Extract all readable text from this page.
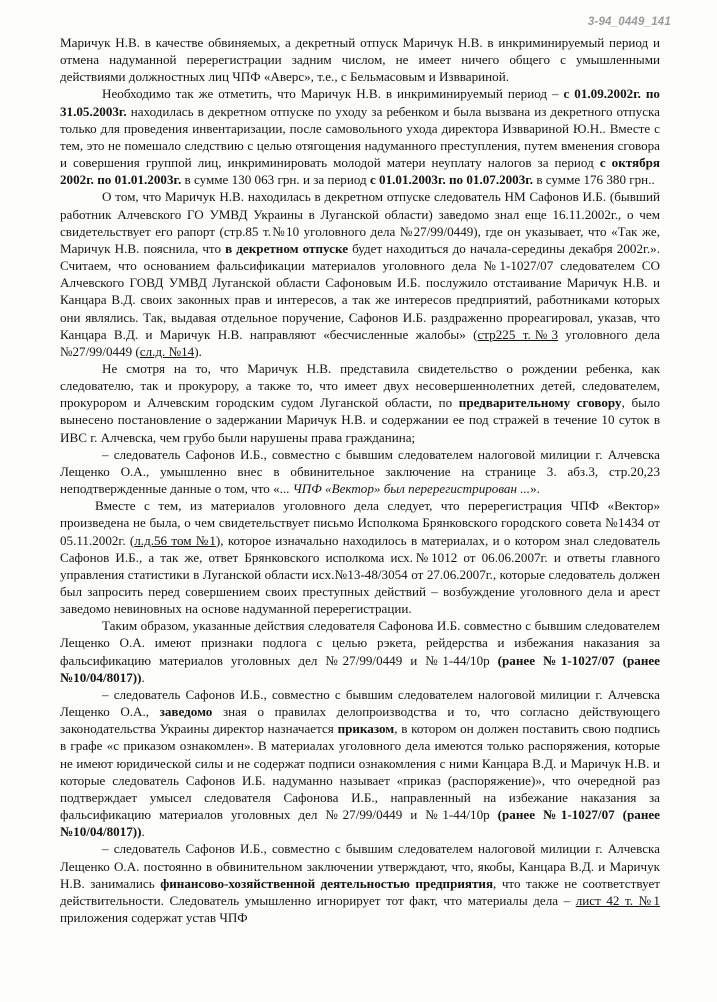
3-94_0449_141

Маричук Н.В. в качестве обвиняемых, а декретный отпуск Маричук Н.В. в инкриминируемый период и отмена надуманной перерегистрации задним числом, не имеет ничего общего с умышленными действиями должностных лиц ЧПФ «Аверс», т.е., с Бельмасовым и Изввариной.

Необходимо так же отметить, что Маричук Н.В. в инкриминируемый период – с 01.09.2002г. по 31.05.2003г. находилась в декретном отпуске по уходу за ребенком и была вызвана из декретного отпуска только для проведения инвентаризации, после самовольного ухода директора Изввариной Ю.Н.. Вместе с тем, это не помешало следствию с целью отягощения надуманного преступления, путем вменения сговора и совершения группой лиц, инкриминировать молодой матери неуплату налогов за период с октября 2002г. по 01.01.2003г. в сумме 130 063 грн. и за период с 01.01.2003г. по 01.07.2003г. в сумме 176 380 грн..

О том, что Маричук Н.В. находилась в декретном отпуске следователь НМ Сафонов И.Б. (бывший работник Алчевского ГО УМВД Украины в Луганской области) заведомо знал еще 16.11.2002г., о чем свидетельствует его рапорт (стр.85 т.№10 уголовного дела №27/99/0449), где он указывает, что «Так же, Маричук Н.В. пояснила, что в декретном отпуске будет находиться до начала-середины декабря 2002г.». Считаем, что основанием фальсификации материалов уголовного дела №1-1027/07 следователем СО Алчевского ГОВД УМВД Луганской области Сафоновым И.Б. послужило отстаивание Маричук Н.В. и Канцара В.Д. своих законных прав и интересов, а так же интересов предприятий, работниками которых они являлись. Так, выдавая отдельное поручение, Сафонов И.Б. раздраженно прореагировал, указав, что Канцара В.Д. и Маричук Н.В. направляют «бесчисленные жалобы» (стр225 т.№3 уголовного дела №27/99/0449 (сл.д. №14).

Не смотря на то, что Маричук Н.В. представила свидетельство о рождении ребенка, как следователю, так и прокурору, а также то, что имеет двух несовершеннолетних детей, следователем, прокурором и Алчевским городским судом Луганской области, по предварительному сговору, было вынесено постановление о задержании Маричук Н.В. и содержании ее под стражей в течение 10 суток в ИВС г. Алчевска, чем грубо были нарушены права гражданина;

– следователь Сафонов И.Б., совместно с бывшим следователем налоговой милиции г. Алчевска Лещенко О.А., умышленно внес в обвинительное заключение на странице 3. абз.3, стр.20,23 неподтвержденные данные о том, что «... ЧПФ «Вектор» был перерегистрирован ...».

Вместе с тем, из материалов уголовного дела следует, что перерегистрация ЧПФ «Вектор» произведена не была, о чем свидетельствует письмо Исполкома Брянковского городского совета №1434 от 05.11.2002г. (л.д.56 том №1), которое изначально находилось в материалах, и о котором знал следователь Сафонов И.Б., а так же, ответ Брянковского исполкома исх.№1012 от 06.06.2007г. и ответы главного управления статистики в Луганской области исх.№13-48/3054 от 27.06.2007г., которые следователь должен был запросить перед совершением своих преступных действий – возбуждение уголовного дела и арест заведомо невиновных на основе надуманной перерегистрации.

Таким образом, указанные действия следователя Сафонова И.Б. совместно с бывшим следователем Лещенко О.А. имеют признаки подлога с целью рэкета, рейдерства и избежания наказания за фальсификацию материалов уголовных дел №27/99/0449 и №1-44/10р (ранее №1-1027/07 (ранее №10/04/8017)).

– следователь Сафонов И.Б., совместно с бывшим следователем налоговой милиции г. Алчевска Лещенко О.А., заведомо зная о правилах делопроизводства и то, что согласно действующего законодательства Украины директор назначается приказом, в котором он должен поставить свою подпись в графе «с приказом ознакомлен». В материалах уголовного дела имеются только распоряжения, которые не имеют юридической силы и не содержат подписи ознакомления с ними Канцара В.Д. и Маричук Н.В. и которые следователь Сафонов И.Б. надуманно называет «приказ (распоряжение)», что очередной раз подтверждает умысел следователя Сафонова И.Б., направленный на избежание наказания за фальсификацию материалов уголовных дел №27/99/0449 и №1-44/10р (ранее №1-1027/07 (ранее №10/04/8017)).

– следователь Сафонов И.Б., совместно с бывшим следователем налоговой милиции г. Алчевска Лещенко О.А. постоянно в обвинительном заключении утверждают, что, якобы, Канцара В.Д. и Маричук Н.В. занимались финансово-хозяйственной деятельностью предприятия, что также не соответствует действительности. Следователь умышленно игнорирует тот факт, что материалы дела – лист 42 т. №1 приложения содержат устав ЧПФ
